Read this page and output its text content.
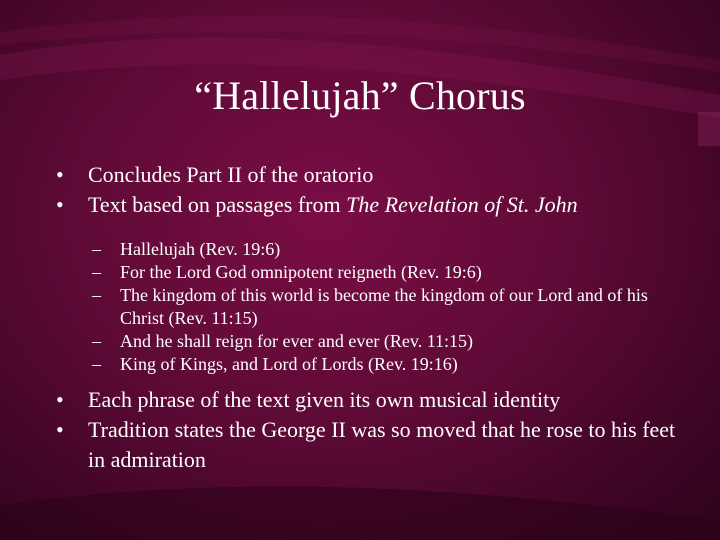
“Hallelujah” Chorus
• Concludes Part II of the oratorio
• Text based on passages from The Revelation of St. John
– Hallelujah (Rev. 19:6)
– For the Lord God omnipotent reigneth (Rev. 19:6)
– The kingdom of this world is become the kingdom of our Lord and of his Christ (Rev. 11:15)
– And he shall reign for ever and ever (Rev. 11:15)
– King of Kings, and Lord of Lords (Rev. 19:16)
• Each phrase of the text given its own musical identity
• Tradition states the George II was so moved that he rose to his feet in admiration
